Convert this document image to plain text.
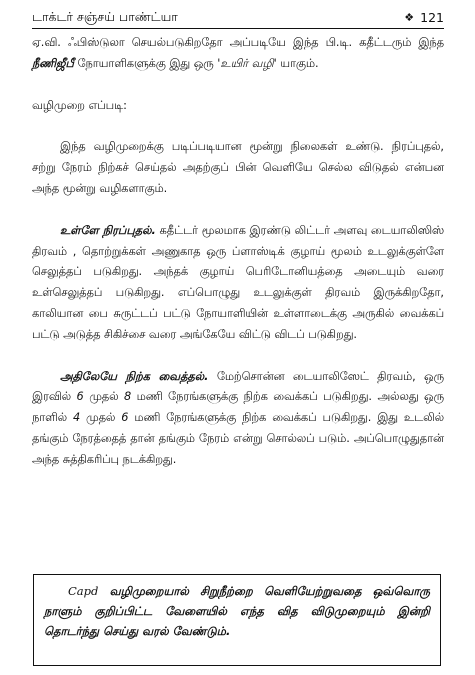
டாக்டர் சஞ்சய் பாண்ட்யா	❖ 121

ஏ.வி. ஃபிஸ்டுலா செயல்படுகிறதோ அப்படியே இந்த பி.டி. கதீட்டரும் இந்த நீணிஜீபீ நோயாளிகளுக்கு இது ஒரு 'உயிர் வழி' யாகும்.

வழிமுறை எப்படி:

இந்த வழிமுறைக்கு படிப்படியான மூன்று நிலைகள் உண்டு. நிரப்புதல், சற்று நேரம் நிற்கச் செய்தல் அதற்குப் பின் வெளியே செல்ல விடுதல் என்பன அந்த மூன்று வழிகளாகும்.

உள்ளே நிரப்புதல். கதீட்டர் மூலமாக இரண்டு லிட்டர் அளவு டையாலிஸிஸ் திரவம் , தொற்றுக்கள் அணுகாத ஒரு ப்ளாஸ்டிக் குழாய் மூலம் உடலுக்குள்ளே செலுத்தப் படுகிறது. அந்தக் குழாய் பெரிடோனியத்தை அடையும் வரை உள்செலுத்தப் படுகிறது. எப்பொழுது உடலுக்குள் திரவம் இருக்கிறதோ, காலியான பை சுருட்டப் பட்டு நோயாளியின் உள்ளாடைக்கு அருகில் வைக்கப் பட்டு அடுத்த சிகிச்சை வரை அங்கேயே விட்டு விடப் படுகிறது.

அதிலேயே நிற்க வைத்தல். மேற்சொன்ன டையாலிஸேட் திரவம், ஒரு இரவில் 6 முதல் 8 மணி நேரங்களுக்கு நிற்க வைக்கப் படுகிறது. அல்லது ஒரு நாளில் 4 முதல் 6 மணி நேரங்களுக்கு நிற்க வைக்கப் படுகிறது. இது உடலில் தங்கும் நேரத்தைத் தான் தங்கும் நேரம் என்று சொல்லப் படும். அப்பொழுதுதான் அந்த சுத்திகரிப்பு நடக்கிறது.

Capd வழிமுறையால் சிறுநீற்றை வெளியேற்றுவதை ஒவ்வொரு நாளும் குறிப்பிட்ட வேளையில் எந்த வித விடுமுறையும் இன்றி தொடர்ந்து செய்து வரல் வேண்டும்.
